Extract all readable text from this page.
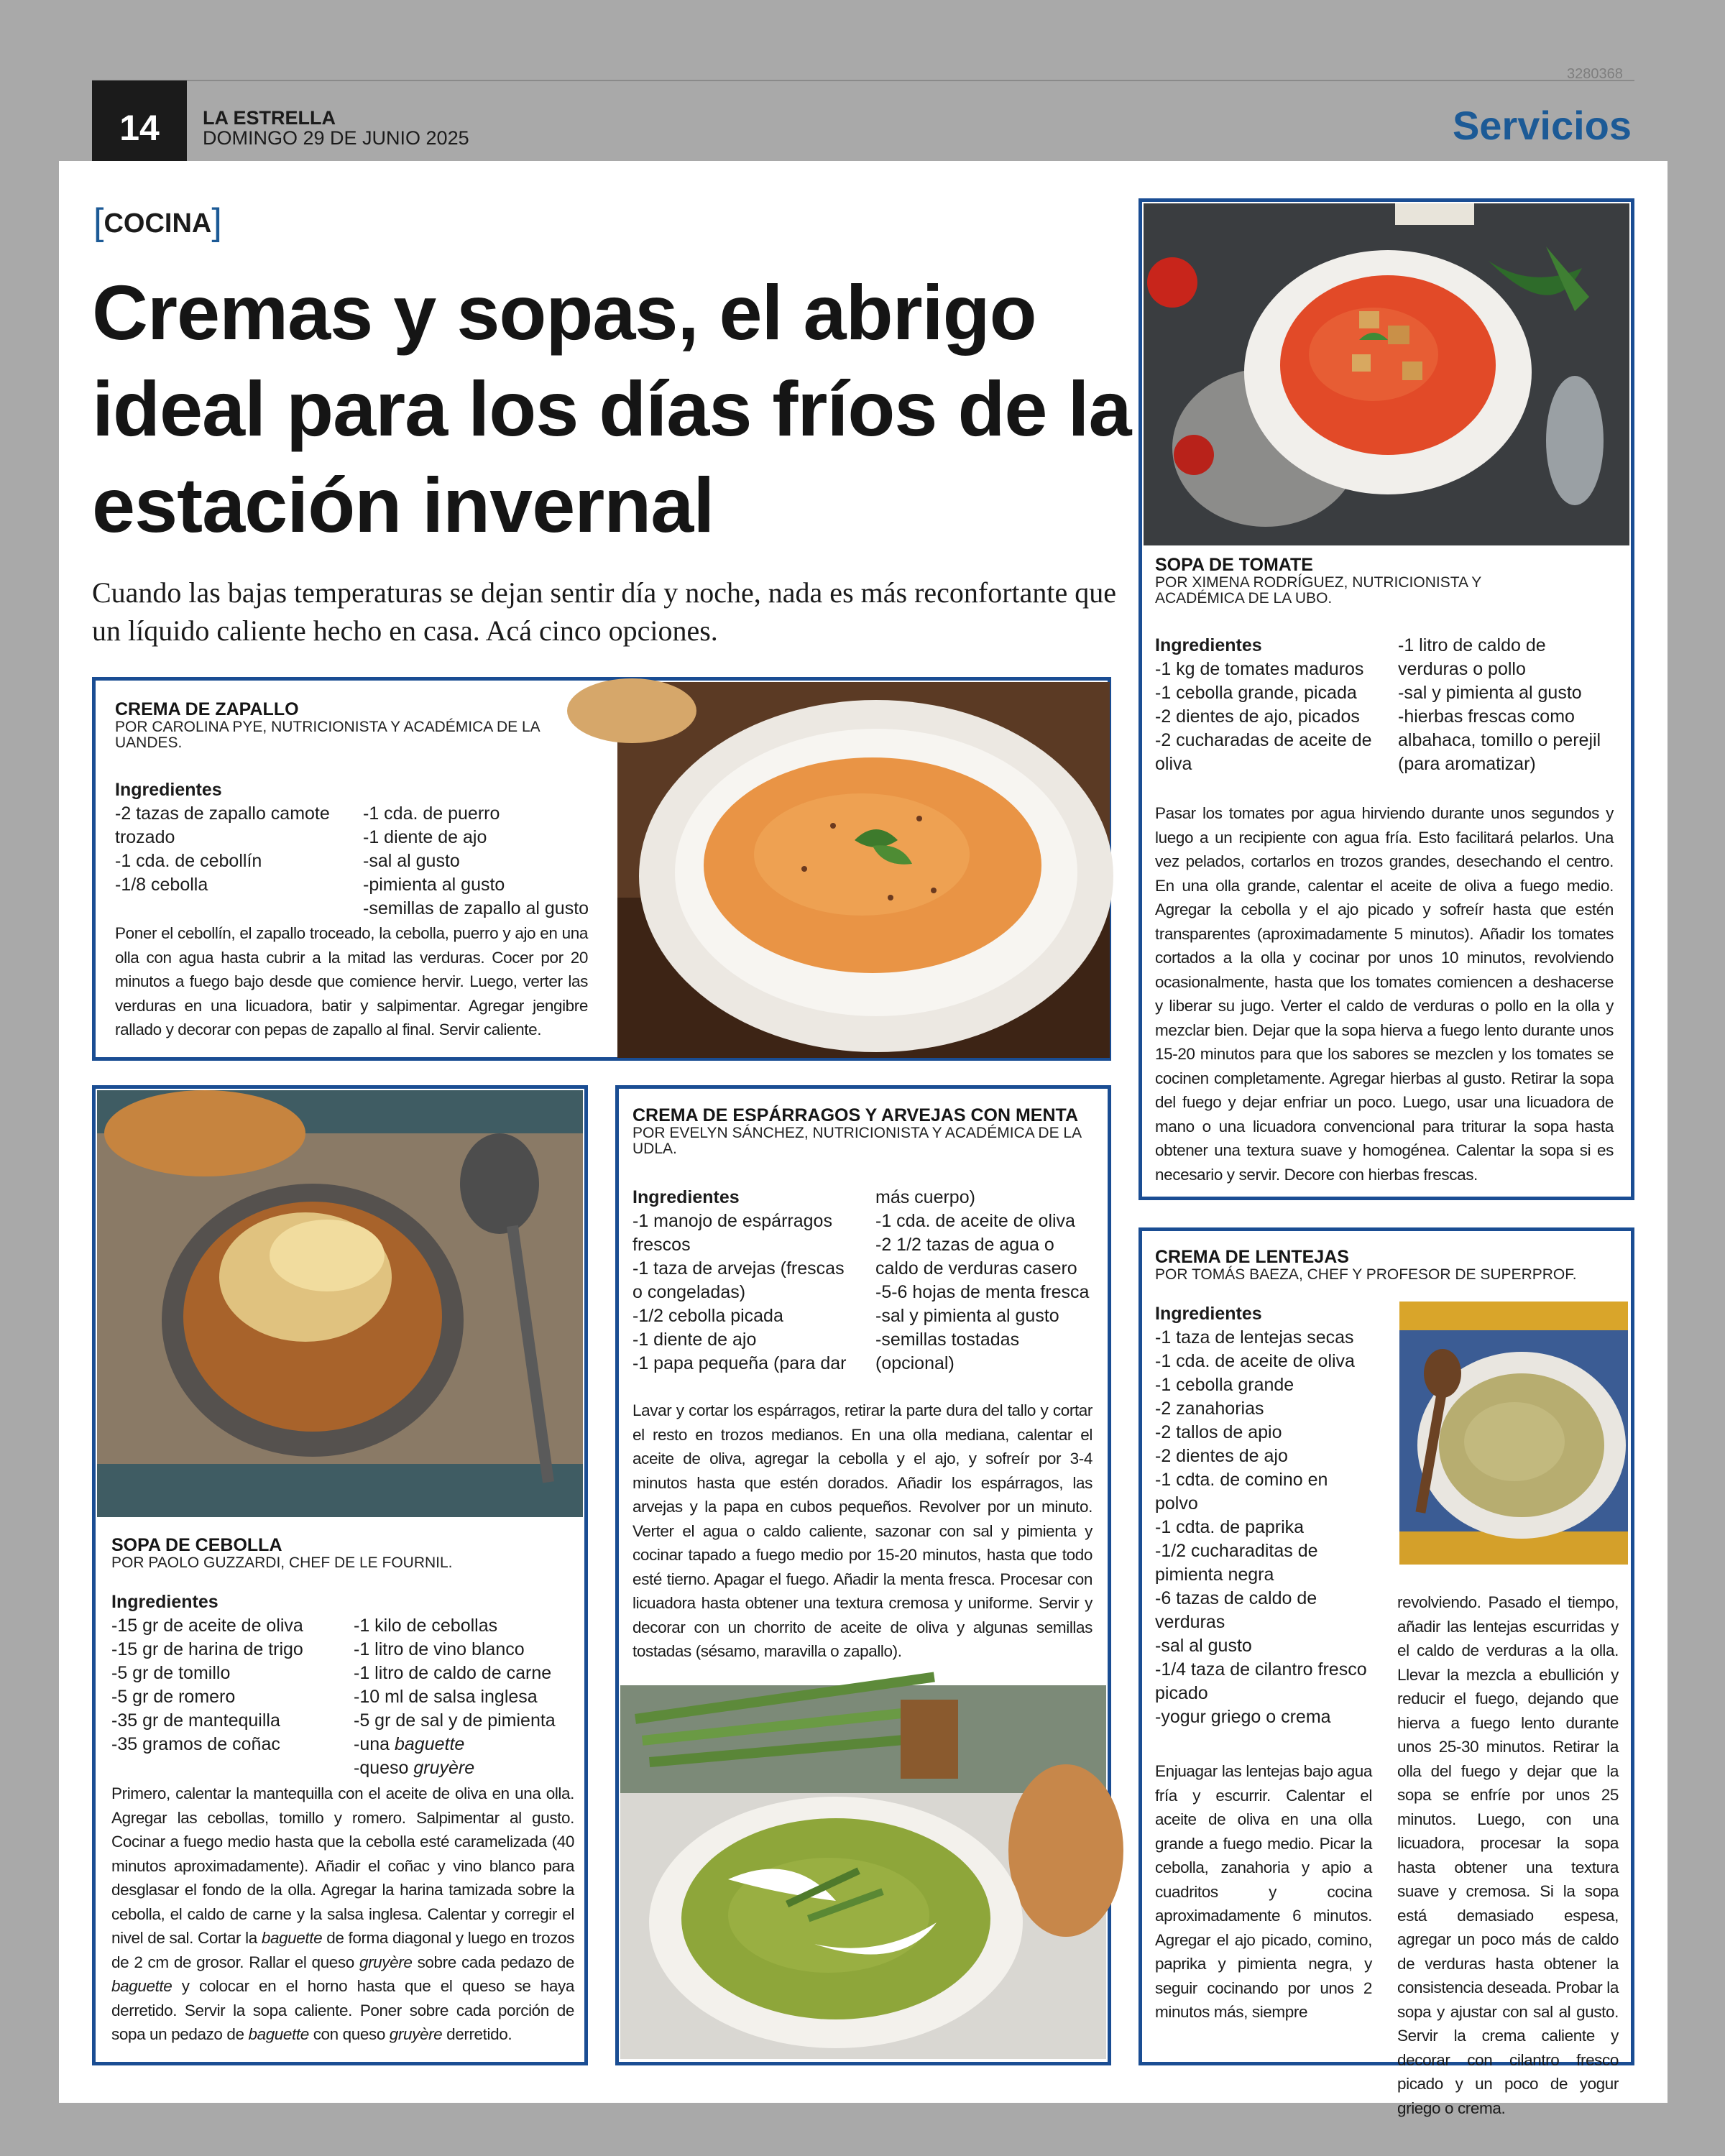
3280368
14	LA ESTRELLA
DOMINGO 29 DE JUNIO 2025	Servicios
[COCINA]
Cremas y sopas, el abrigo ideal para los días fríos de la estación invernal
Cuando las bajas temperaturas se dejan sentir día y noche, nada es más reconfortante que un líquido caliente hecho en casa. Acá cinco opciones.
CREMA DE ZAPALLO
POR CAROLINA PYE, NUTRICIONISTA Y ACADÉMICA DE LA UANDES.
Ingredientes
-2 tazas de zapallo camote trozado
-1 cda. de cebollín
-1/8 cebolla

-1 cda. de puerro
-1 diente de ajo
-sal al gusto
-pimienta al gusto
-semillas de zapallo al gusto
Poner el cebollín, el zapallo troceado, la cebolla, puerro y ajo en una olla con agua hasta cubrir a la mitad las verduras. Cocer por 20 minutos a fuego bajo desde que comience hervir. Luego, verter las verduras en una licuadora, batir y salpimentar. Agregar jengibre rallado y decorar con pepas de zapallo al final. Servir caliente.
SOPA DE TOMATE
POR XIMENA RODRÍGUEZ, NUTRICIONISTA Y ACADÉMICA DE LA UBO.
Ingredientes
-1 kg de tomates maduros
-1 cebolla grande, picada
-2 dientes de ajo, picados
-2 cucharadas de aceite de oliva
-1 litro de caldo de verduras o pollo
-sal y pimienta al gusto
-hierbas frescas como albahaca, tomillo o perejil (para aromatizar)
Pasar los tomates por agua hirviendo durante unos segundos y luego a un recipiente con agua fría. Esto facilitará pelarlos. Una vez pelados, cortarlos en trozos grandes, desechando el centro. En una olla grande, calentar el aceite de oliva a fuego medio. Agregar la cebolla y el ajo picado y sofreír hasta que estén transparentes (aproximadamente 5 minutos). Añadir los tomates cortados a la olla y cocinar por unos 10 minutos, revolviendo ocasionalmente, hasta que los tomates comiencen a deshacerse y liberar su jugo. Verter el caldo de verduras o pollo en la olla y mezclar bien. Dejar que la sopa hierva a fuego lento durante unos 15-20 minutos para que los sabores se mezclen y los tomates se cocinen completamente. Agregar hierbas al gusto. Retirar la sopa del fuego y dejar enfriar un poco. Luego, usar una licuadora de mano o una licuadora convencional para triturar la sopa hasta obtener una textura suave y homogénea. Calentar la sopa si es necesario y servir. Decore con hierbas frescas.
SOPA DE CEBOLLA
POR PAOLO GUZZARDI, CHEF DE LE FOURNIL.
Ingredientes
-15 gr de aceite de oliva
-15 gr de harina de trigo
-5 gr de tomillo
-5 gr de romero
-35 gr de mantequilla
-35 gramos de coñac

-1 kilo de cebollas
-1 litro de vino blanco
-1 litro de caldo de carne
-10 ml de salsa inglesa
-5 gr de sal y de pimienta
-una baguette
-queso gruyère
Primero, calentar la mantequilla con el aceite de oliva en una olla. Agregar las cebollas, tomillo y romero. Salpimentar al gusto. Cocinar a fuego medio hasta que la cebolla esté caramelizada (40 minutos aproximadamente). Añadir el coñac y vino blanco para desglasar el fondo de la olla. Agregar la harina tamizada sobre la cebolla, el caldo de carne y la salsa inglesa. Calentar y corregir el nivel de sal. Cortar la baguette de forma diagonal y luego en trozos de 2 cm de grosor. Rallar el queso gruyère sobre cada pedazo de baguette y colocar en el horno hasta que el queso se haya derretido. Servir la sopa caliente. Poner sobre cada porción de sopa un pedazo de baguette con queso gruyère derretido.
CREMA DE ESPÁRRAGOS Y ARVEJAS CON MENTA
POR EVELYN SÁNCHEZ, NUTRICIONISTA Y ACADÉMICA DE LA UDLA.
Ingredientes
-1 manojo de espárragos frescos
-1 taza de arvejas (frescas o congeladas)
-1/2 cebolla picada
-1 diente de ajo
-1 papa pequeña (para dar
más cuerpo)
-1 cda. de aceite de oliva
-2 1/2 tazas de agua o caldo de verduras casero
-5-6 hojas de menta fresca
-sal y pimienta al gusto
-semillas tostadas (opcional)
Lavar y cortar los espárragos, retirar la parte dura del tallo y cortar el resto en trozos medianos. En una olla mediana, calentar el aceite de oliva, agregar la cebolla y el ajo, y sofreír por 3-4 minutos hasta que estén dorados. Añadir los espárragos, las arvejas y la papa en cubos pequeños. Revolver por un minuto. Verter el agua o caldo caliente, sazonar con sal y pimienta y cocinar tapado a fuego medio por 15-20 minutos, hasta que todo esté tierno. Apagar el fuego. Añadir la menta fresca. Procesar con licuadora hasta obtener una textura cremosa y uniforme. Servir y decorar con un chorrito de aceite de oliva y algunas semillas tostadas (sésamo, maravilla o zapallo).
CREMA DE LENTEJAS
POR TOMÁS BAEZA, CHEF Y PROFESOR DE SUPERPROF.
Ingredientes
-1 taza de lentejas secas
-1 cda. de aceite de oliva
-1 cebolla grande
-2 zanahorias
-2 tallos de apio
-2 dientes de ajo
-1 cdta. de comino en polvo
-1 cdta. de paprika
-1/2 cucharaditas de pimienta negra
-6 tazas de caldo de verduras
-sal al gusto
-1/4 taza de cilantro fresco picado
-yogur griego o crema
Enjuagar las lentejas bajo agua fría y escurrir. Calentar el aceite de oliva en una olla grande a fuego medio. Picar la cebolla, zanahoria y apio a cuadritos y cocina aproximadamente 6 minutos. Agregar el ajo picado, comino, paprika y pimienta negra, y seguir cocinando por unos 2 minutos más, siempre
revolviendo. Pasado el tiempo, añadir las lentejas escurridas y el caldo de verduras a la olla. Llevar la mezcla a ebullición y reducir el fuego, dejando que hierva a fuego lento durante unos 25-30 minutos. Retirar la olla del fuego y dejar que la sopa se enfríe por unos 25 minutos. Luego, con una licuadora, procesar la sopa hasta obtener una textura suave y cremosa. Si la sopa está demasiado espesa, agregar un poco más de caldo de verduras hasta obtener la consistencia deseada. Probar la sopa y ajustar con sal al gusto. Servir la crema caliente y decorar con cilantro fresco picado y un poco de yogur griego o crema.
